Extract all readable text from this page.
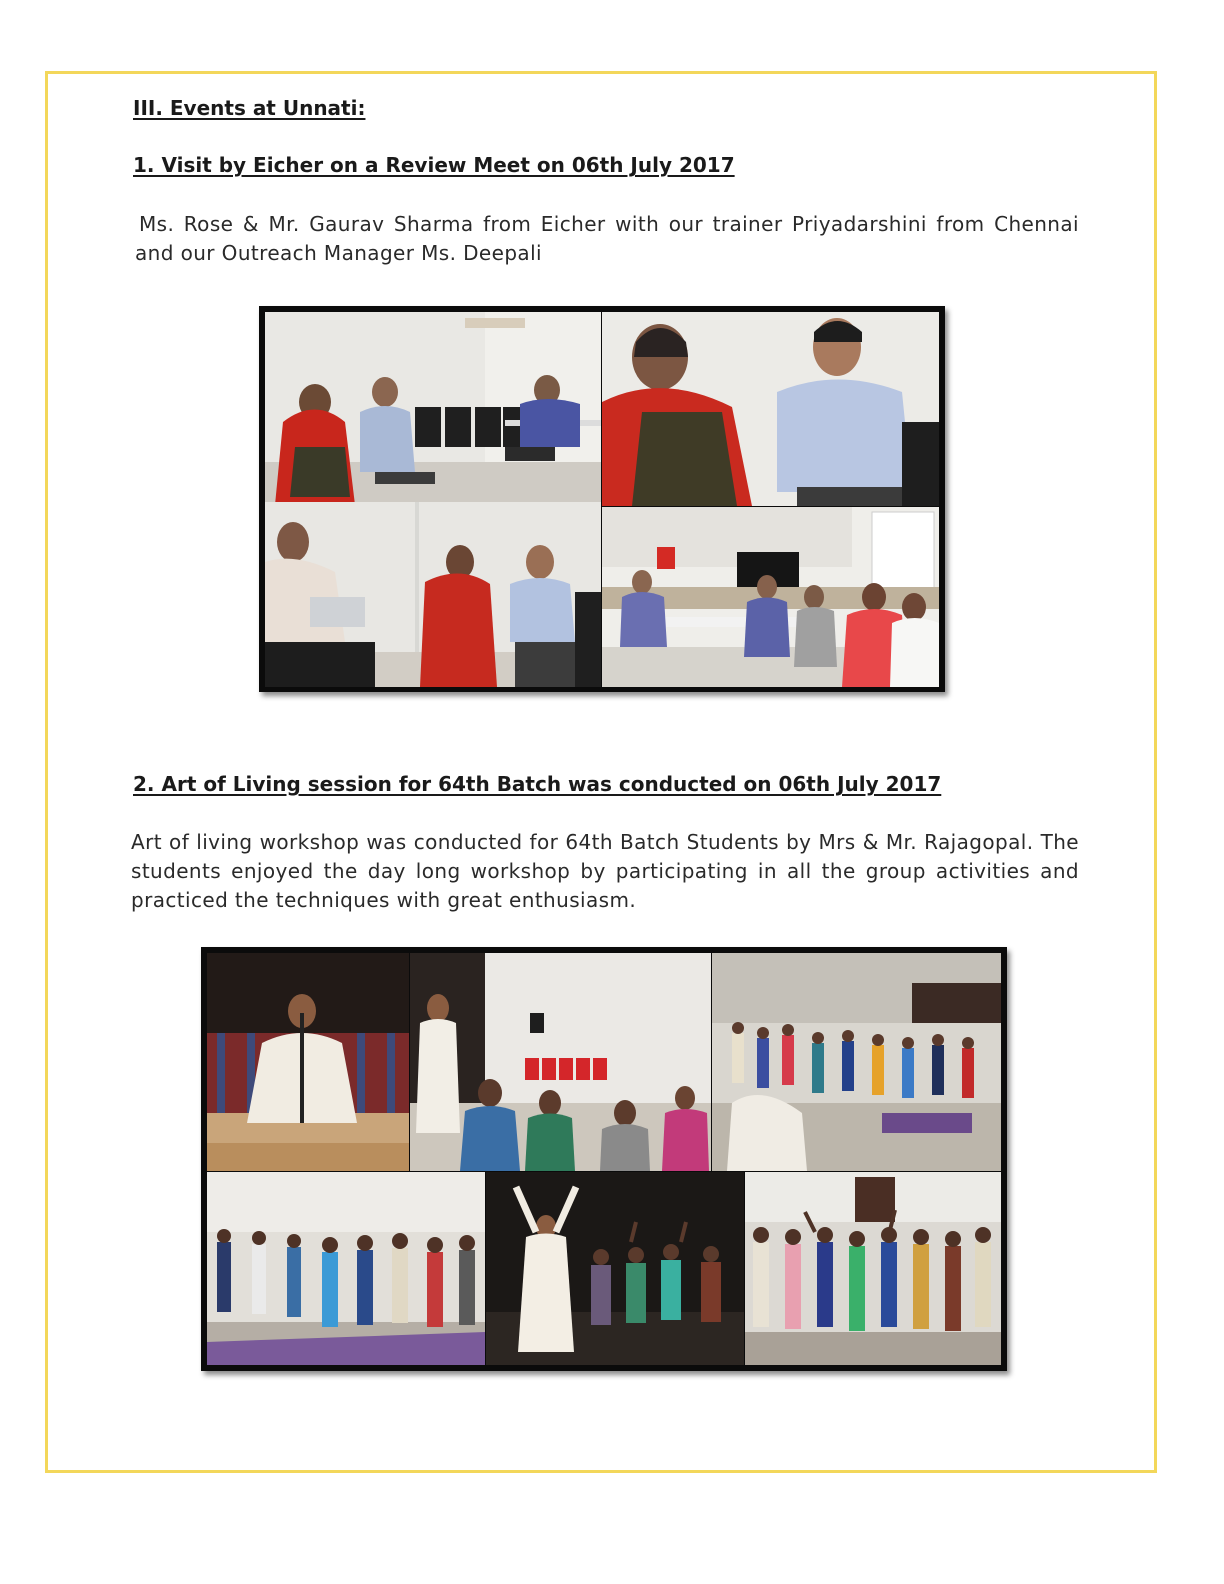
III. Events at Unnati:
1. Visit by Eicher on a Review Meet on 06th July 2017

Ms. Rose & Mr. Gaurav Sharma from Eicher with our trainer Priyadarshini from Chennai and our Outreach Manager Ms. Deepali

2. Art of Living session for 64th Batch was conducted on 06th July 2017

Art of living workshop was conducted for 64th Batch Students by Mrs & Mr. Rajagopal. The students enjoyed the day long workshop by participating in all the group activities and practiced the techniques with great enthusiasm.
